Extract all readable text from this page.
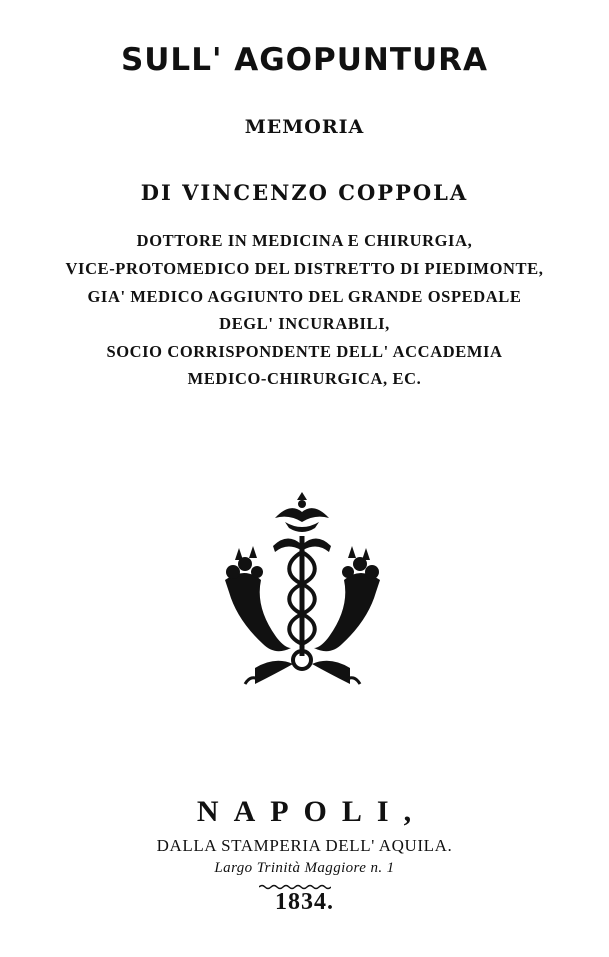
SULL' AGOPUNTURA
MEMORIA
DI VINCENZO COPPOLA
DOTTORE IN MEDICINA E CHIRURGIA,
VICE-PROTOMEDICO DEL DISTRETTO DI PIEDIMONTE,
GIA' MEDICO AGGIUNTO DEL GRANDE OSPEDALE
DEGL' INCURABILI,
SOCIO CORRISPONDENTE DELL' ACCADEMIA
MEDICO-CHIRURGICA, EC.
NAPOLI,
DALLA STAMPERIA DELL' AQUILA.
Largo Trinità Maggiore n. 1
1834.
